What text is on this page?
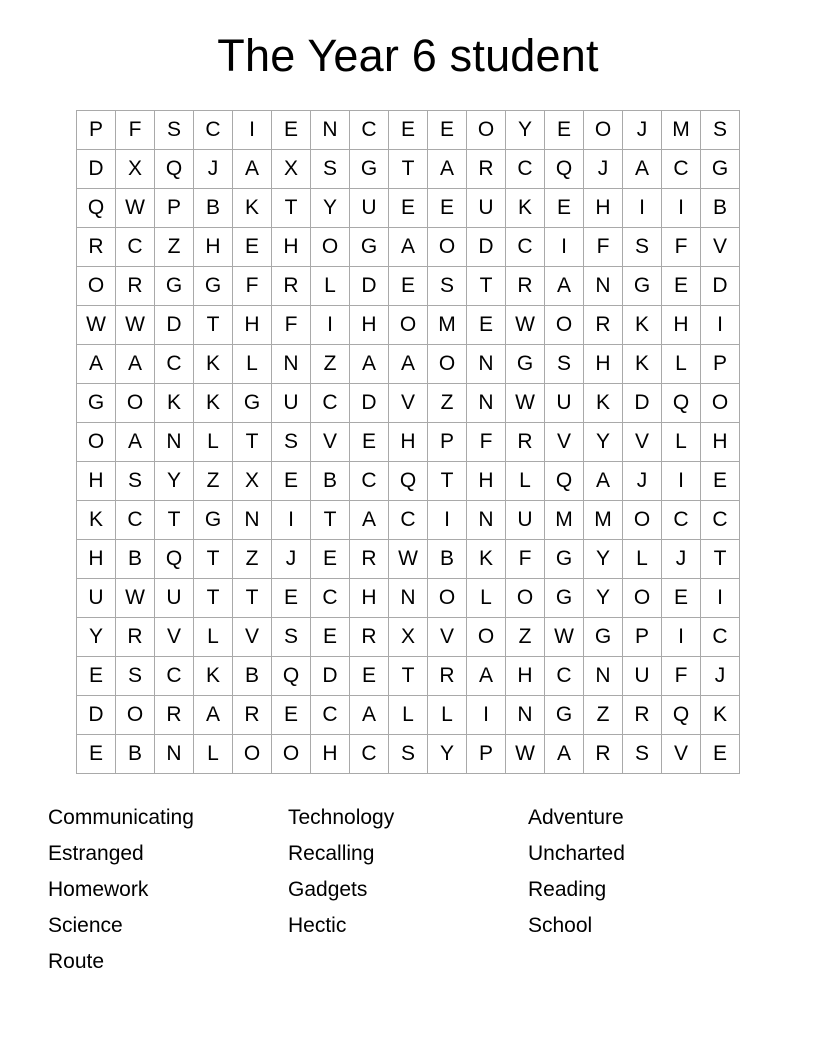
The Year 6 student
P	F	S	C	I	E	N	C	E	E	O	Y	E	O	J	M	S
D	X	Q	J	A	X	S	G	T	A	R	C	Q	J	A	C	G
Q	W	P	B	K	T	Y	U	E	E	U	K	E	H	I	I	B
R	C	Z	H	E	H	O	G	A	O	D	C	I	F	S	F	V
O	R	G	G	F	R	L	D	E	S	T	R	A	N	G	E	D
W	W	D	T	H	F	I	H	O	M	E	W	O	R	K	H	I
A	A	C	K	L	N	Z	A	A	O	N	G	S	H	K	L	P
G	O	K	K	G	U	C	D	V	Z	N	W	U	K	D	Q	O
O	A	N	L	T	S	V	E	H	P	F	R	V	Y	V	L	H
H	S	Y	Z	X	E	B	C	Q	T	H	L	Q	A	J	I	E
K	C	T	G	N	I	T	A	C	I	N	U	M	M	O	C	C
H	B	Q	T	Z	J	E	R	W	B	K	F	G	Y	L	J	T
U	W	U	T	T	E	C	H	N	O	L	O	G	Y	O	E	I
Y	R	V	L	V	S	E	R	X	V	O	Z	W	G	P	I	C
E	S	C	K	B	Q	D	E	T	R	A	H	C	N	U	F	J
D	O	R	A	R	E	C	A	L	L	I	N	G	Z	R	Q	K
E	B	N	L	O	O	H	C	S	Y	P	W	A	R	S	V	E
Communicating
Estranged
Homework
Science
Route
Technology
Recalling
Gadgets
Hectic
Adventure
Uncharted
Reading
School
